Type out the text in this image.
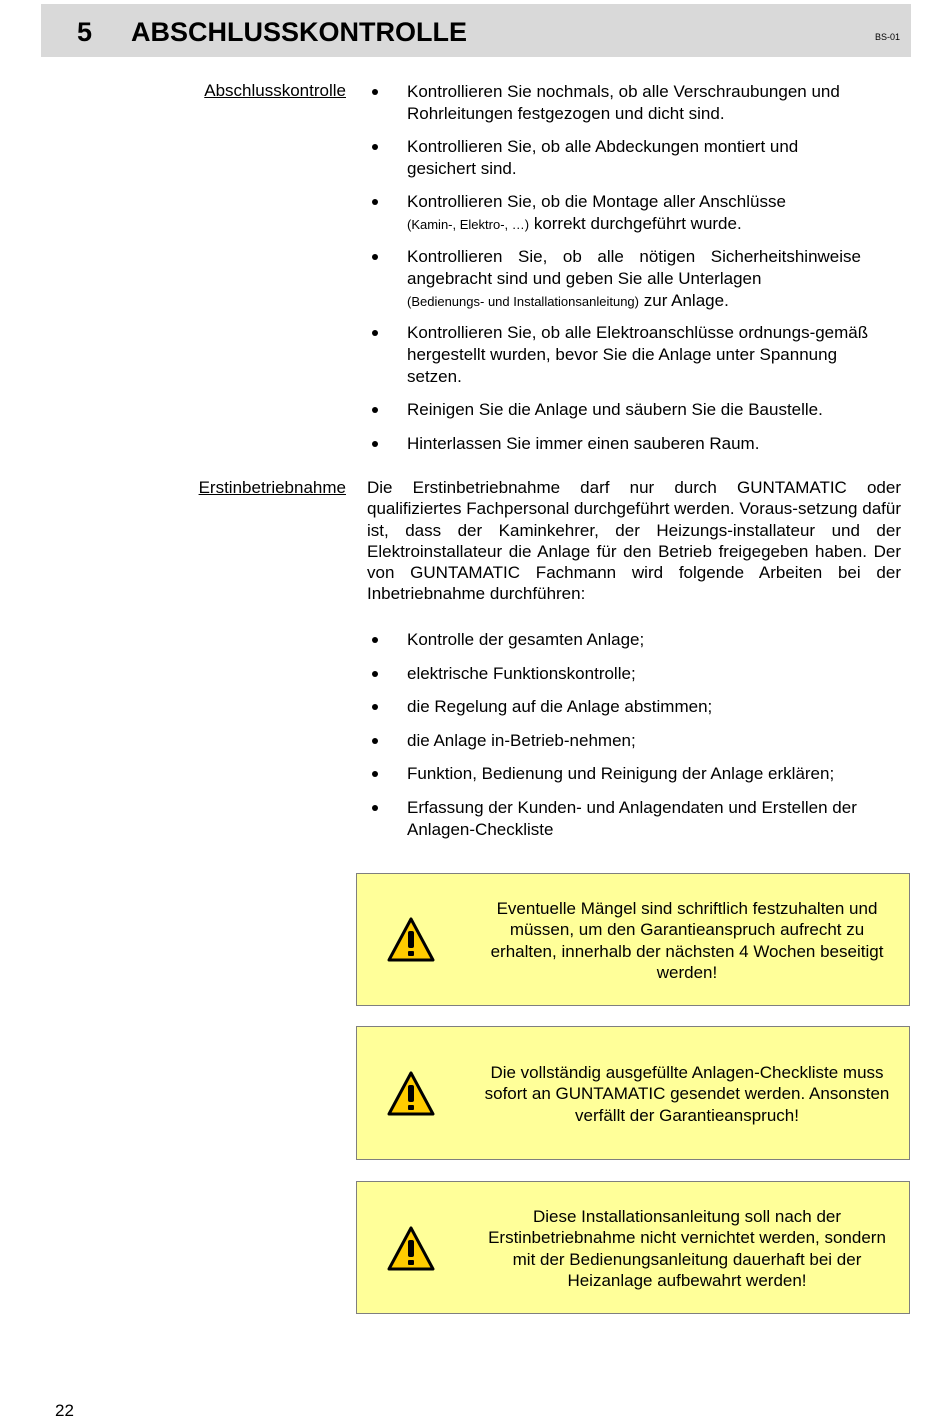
5 ABSCHLUSSKONTROLLE	BS-01
Abschlusskontrolle	Kontrollieren Sie nochmals, ob alle Verschraubungen und Rohrleitungen festgezogen und dicht sind.
Kontrollieren Sie, ob alle Abdeckungen montiert und gesichert sind.
Kontrollieren Sie, ob die Montage aller Anschlüsse
(Kamin-, Elektro-, …) korrekt durchgeführt wurde.
Kontrollieren Sie, ob alle nötigen Sicherheitshinweise angebracht sind und geben Sie alle Unterlagen
(Bedienungs- und Installationsanleitung) zur Anlage.
Kontrollieren Sie, ob alle Elektroanschlüsse ordnungs-gemäß hergestellt wurden, bevor Sie die Anlage unter Spannung setzen.
Reinigen Sie die Anlage und säubern Sie die Baustelle.
Hinterlassen Sie immer einen sauberen Raum.
Erstinbetriebnahme Die Erstinbetriebnahme darf nur durch GUNTAMATIC oder qualifiziertes Fachpersonal durchgeführt werden. Voraus-setzung dafür ist, dass der Kaminkehrer, der Heizungs-installateur und der Elektroinstallateur die Anlage für den Betrieb freigegeben haben. Der von GUNTAMATIC Fachmann wird folgende Arbeiten bei der Inbetriebnahme durchführen:
Kontrolle der gesamten Anlage;
elektrische Funktionskontrolle;
die Regelung auf die Anlage abstimmen;
die Anlage in-Betrieb-nehmen;
Funktion, Bedienung und Reinigung der Anlage erklären;
Erfassung der Kunden- und Anlagendaten und Erstellen der Anlagen-Checkliste
Eventuelle Mängel sind schriftlich festzuhalten und müssen, um den Garantieanspruch aufrecht zu erhalten, innerhalb der nächsten 4 Wochen beseitigt werden!
Die vollständig ausgefüllte Anlagen-Checkliste muss sofort an GUNTAMATIC gesendet werden. Ansonsten verfällt der Garantieanspruch!
Diese Installationsanleitung soll nach der Erstinbetriebnahme nicht vernichtet werden, sondern mit der Bedienungsanleitung dauerhaft bei der Heizanlage aufbewahrt werden!
22
